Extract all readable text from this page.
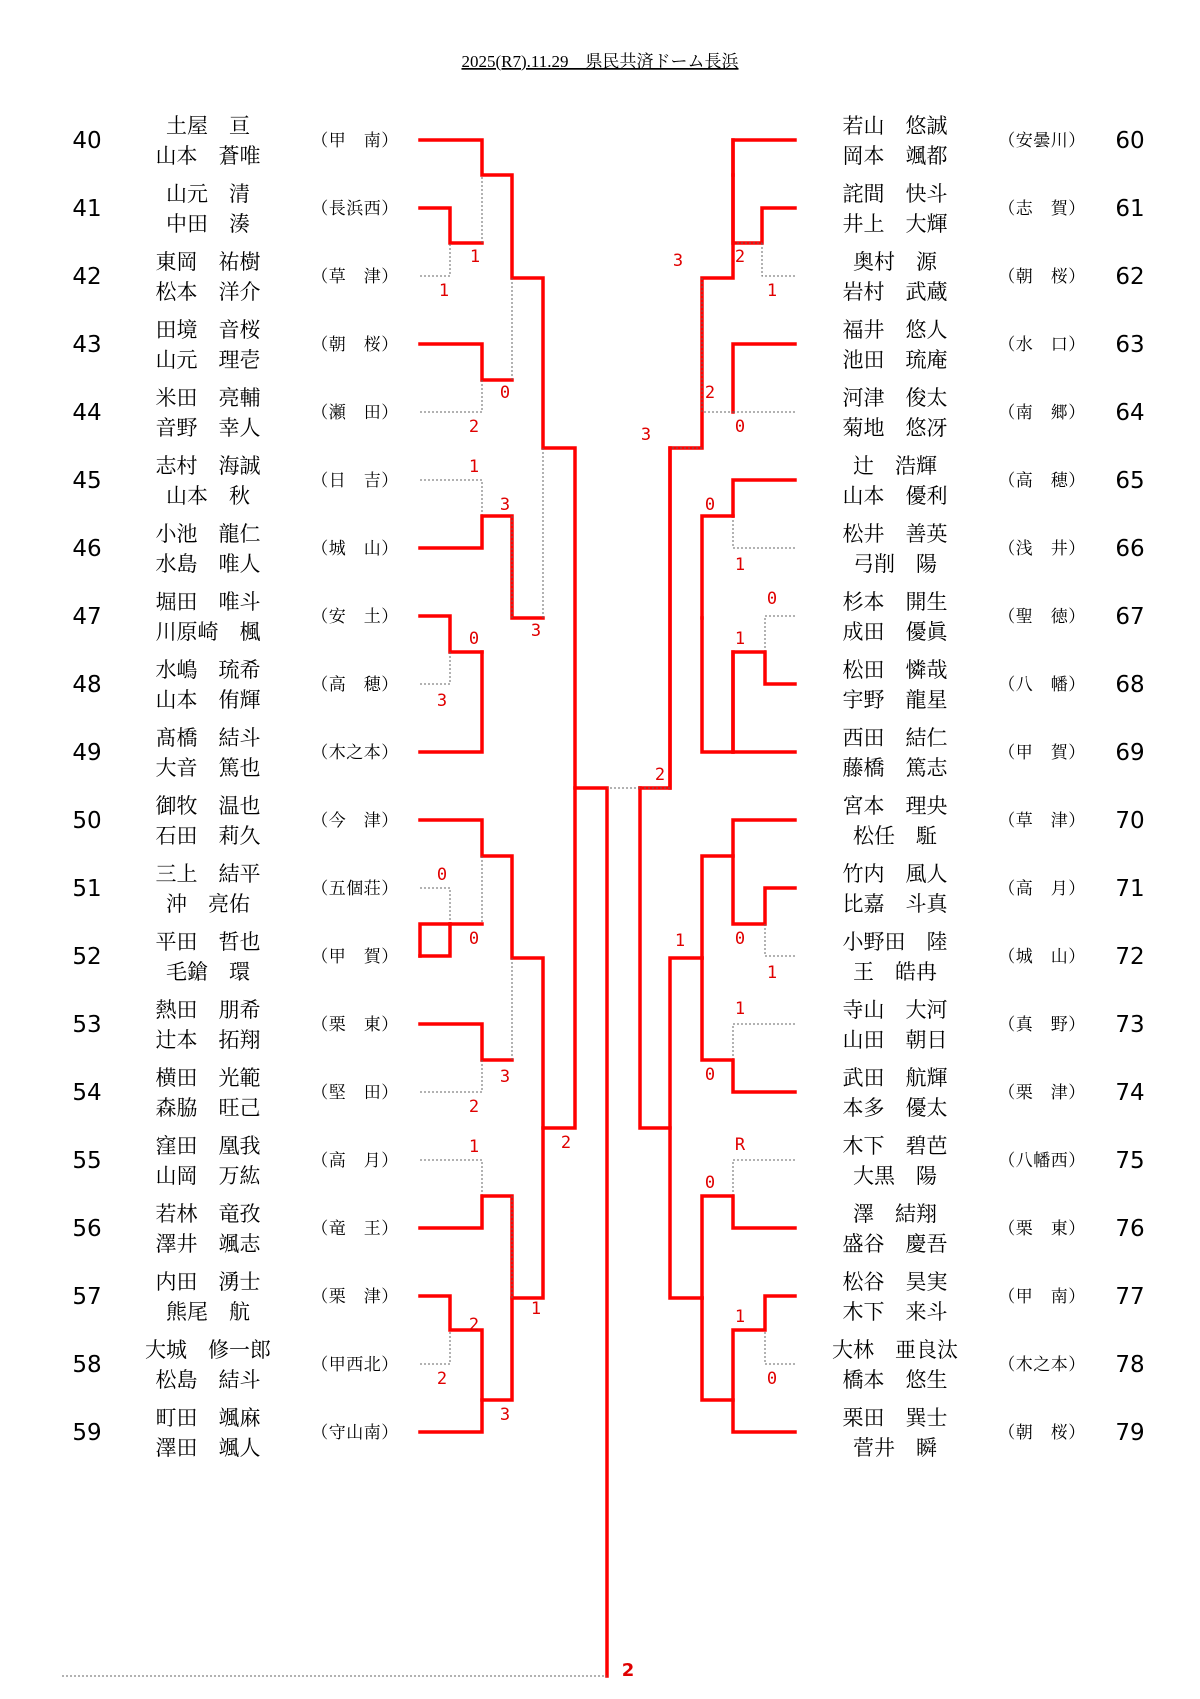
2025(R7).11.29　県民共済ドーム長浜
40
土屋　亘
山本　蒼唯
（甲　南）
41
山元　清
中田　湊
（長浜西）
42
東岡　祐樹
松本　洋介
（草　津）
43
田境　音桜
山元　理壱
（朝　桜）
44
米田　亮輔
音野　幸人
（瀬　田）
45
志村　海誠
山本　秋
（日　吉）
46
小池　龍仁
水島　唯人
（城　山）
47
堀田　唯斗
川原崎　楓
（安　土）
48
水嶋　琉希
山本　侑輝
（高　穂）
49
髙橋　結斗
大音　篤也
（木之本）
50
御牧　温也
石田　莉久
（今　津）
51
三上　結平
沖　亮佑
（五個荘）
52
平田　哲也
毛鎗　環
（甲　賀）
53
熱田　朋希
辻本　拓翔
（栗　東）
54
横田　光範
森脇　旺己
（堅　田）
55
窪田　凰我
山岡　万紘
（高　月）
56
若林　竜孜
澤井　颯志
（竜　王）
57
内田　湧士
熊尾　航
（栗　津）
58
大城　修一郎
松島　結斗
（甲西北）
59
町田　颯麻
澤田　颯人
（守山南）
60
若山　悠誠
岡本　颯都
（安曇川）
61
詫間　快斗
井上　大輝
（志　賀）
62
奥村　源
岩村　武蔵
（朝　桜）
63
福井　悠人
池田　琉庵
（水　口）
64
河津　俊太
菊地　悠冴
（南　郷）
65
辻　浩輝
山本　優利
（高　穂）
66
松井　善英
弓削　陽
（浅　井）
67
杉本　開生
成田　優眞
（聖　徳）
68
松田　憐哉
宇野　龍星
（八　幡）
69
西田　結仁
藤橋　篤志
（甲　賀）
70
宮本　理央
松任　駈
（草　津）
71
竹内　風人
比嘉　斗真
（高　月）
72
小野田　陸
王　皓冉
（城　山）
73
寺山　大河
山田　朝日
（真　野）
74
武田　航輝
本多　優太
（栗　津）
75
木下　碧芭
大黒　陽
（八幡西）
76
澤　結翔
盛谷　慶吾
（栗　東）
77
松谷　昊実
木下　来斗
（甲　南）
78
大林　亜良汰
橋本　悠生
（木之本）
79
栗田　巽士
菅井　瞬
（朝　桜）
1
1
0
2
1
3
0
3
3
0
0
3
2
1
2
2
3
1
2
2
1
3
2
0
3
0
1
0
1
2
1	0
1
1
0
R
0
1
0
2
